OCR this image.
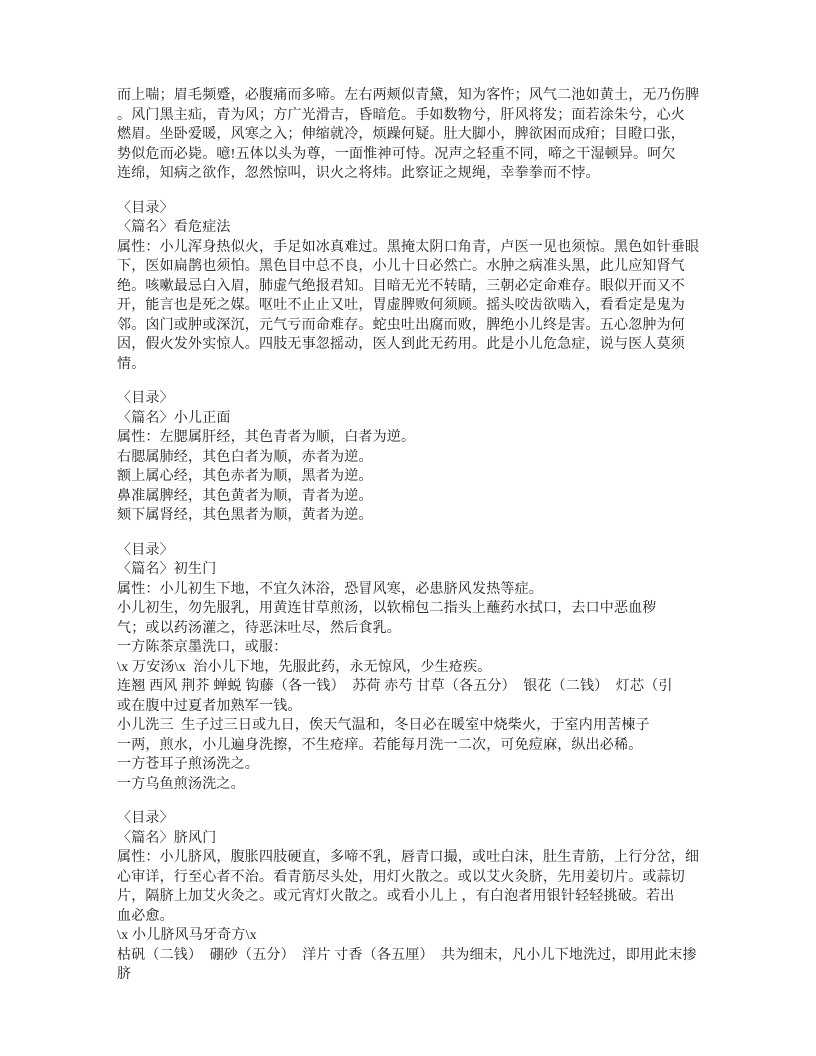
而上喘；眉毛频蹙，必腹痛而多啼。左右两颊似青黛，知为客忤；风气二池如黄土，无乃伤脾
。风门黑主疝，青为风；方广光滑吉，昏暗危。手如数物兮，肝风将发；面若涂朱兮，心火
燃眉。坐卧爱暖，风寒之入；伸缩就冷，烦躁何疑。肚大脚小，脾欲困而成疳；目瞪口张，
势似危而必毙。噫!五体以头为尊，一面惟神可恃。况声之轻重不同，啼之干湿顿异。呵欠
连绵，知病之欲作，忽然惊叫，识火之将炜。此察证之规绳，幸拳拳而不悖。
〈目录〉
〈篇名〉看危症法
属性：小儿浑身热似火，手足如冰真难过。黑掩太阴口角青，卢医一见也须惊。黑色如针垂眼
下，医如扁鹊也须怕。黑色目中总不良，小儿十日必然亡。水肿之病准头黑，此儿应知肾气
绝。咳嗽最忌白入眉，肺虚气绝报君知。目暗无光不转睛，三朝必定命难存。眼似开而又不
开，能言也是死之媒。呕吐不止止又吐，胃虚脾败何须顾。摇头咬齿欲啮入，看看定是鬼为
邻。囟门或肿或深沉，元气亏而命难存。蛇虫吐出腐而败，脾绝小儿终是害。五心忽肿为何
因，假火发外实惊人。四肢无事忽摇动，医人到此无药用。此是小儿危急症，说与医人莫须
情。
〈目录〉
〈篇名〉小儿正面
属性：左腮属肝经，其色青者为顺，白者为逆。
右腮属肺经，其色白者为顺，赤者为逆。
额上属心经，其色赤者为顺，黑者为逆。
鼻准属脾经，其色黄者为顺，青者为逆。
颏下属肾经，其色黑者为顺，黄者为逆。
〈目录〉
〈篇名〉初生门
属性：小儿初生下地，不宜久沐浴，恐冒风寒，必患脐风发热等症。
小儿初生，勿先服乳，用黄连甘草煎汤，以软棉包二指头上蘸药水拭口，去口中恶血秽
气；或以药汤灌之，待恶沫吐尽，然后食乳。
一方陈茶京墨洗口，或服：
\x 万安汤\x  治小儿下地，先服此药，永无惊风，少生疮疾。
连翘 西风 荆芥 蝉蜕 钩藤（各一钱）  苏荷 赤芍 甘草（各五分）  银花（二钱）  灯芯（引
或在腹中过夏者加熟军一钱。
小儿洗三  生子过三日或九日，俟天气温和，冬日必在暖室中烧柴火，于室内用苦楝子
一两，煎水，小儿遍身洗擦，不生疮痒。若能每月洗一二次，可免痘麻，纵出必稀。
一方苍耳子煎汤洗之。
一方乌鱼煎汤洗之。
〈目录〉
〈篇名〉脐风门
属性：小儿脐风，腹胀四肢硬直，多啼不乳，唇青口撮，或吐白沫，肚生青筋，上行分岔，细
心审详，行至心者不治。看青筋尽头处，用灯火散之。或以艾火灸脐，先用姜切片。或蒜切
片，隔脐上加艾火灸之。或元宵灯火散之。或看小儿上 ，有白泡者用银针轻轻挑破。若出
血必愈。
\x 小儿脐风马牙奇方\x
枯矾（二钱）  硼砂（五分）  洋片 寸香（各五厘）  共为细末，凡小儿下地洗过，即用此末掺
脐
